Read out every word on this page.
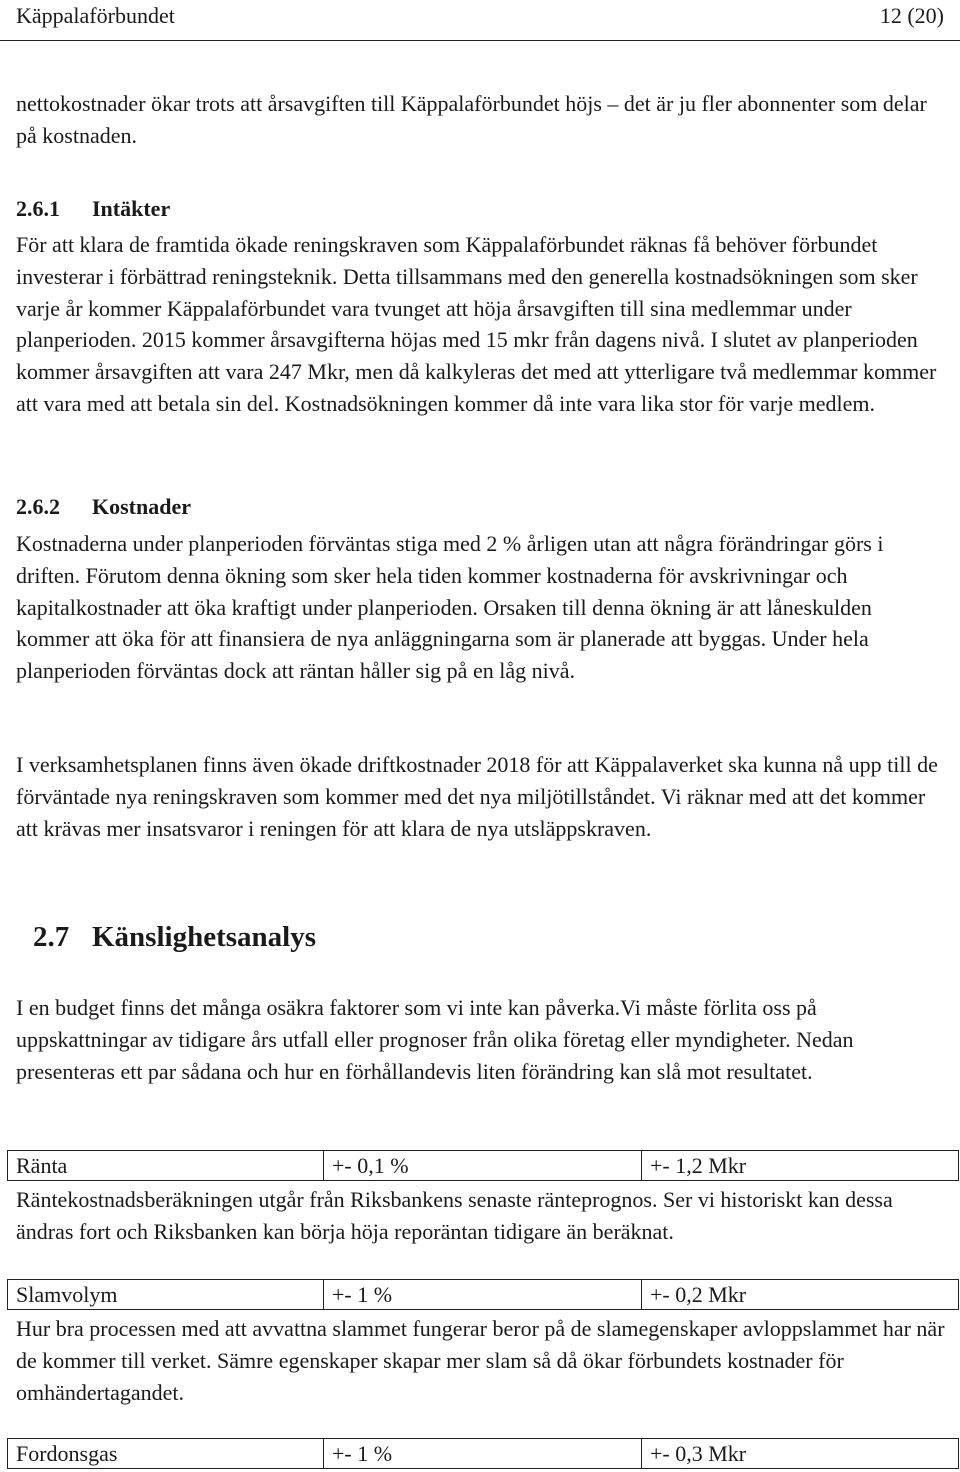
Käppalaförbundet	12 (20)

nettokostnader ökar trots att årsavgiften till Käppalaförbundet höjs – det är ju fler abonnenter som delar på kostnaden.

2.6.1 Intäkter

För att klara de framtida ökade reningskraven som Käppalaförbundet räknas få behöver förbundet investerar i förbättrad reningsteknik. Detta tillsammans med den generella kostnadsökningen som sker varje år kommer Käppalaförbundet vara tvunget att höja årsavgiften till sina medlemmar under planperioden. 2015 kommer årsavgifterna höjas med 15 mkr från dagens nivå. I slutet av planperioden kommer årsavgiften att vara 247 Mkr, men då kalkyleras det med att ytterligare två medlemmar kommer att vara med att betala sin del. Kostnadsökningen kommer då inte vara lika stor för varje medlem.

2.6.2 Kostnader

Kostnaderna under planperioden förväntas stiga med 2 % årligen utan att några förändringar görs i driften. Förutom denna ökning som sker hela tiden kommer kostnaderna för avskrivningar och kapitalkostnader att öka kraftigt under planperioden. Orsaken till denna ökning är att låneskulden kommer att öka för att finansiera de nya anläggningarna som är planerade att byggas. Under hela planperioden förväntas dock att räntan håller sig på en låg nivå.

I verksamhetsplanen finns även ökade driftkostnader 2018 för att Käppalaverket ska kunna nå upp till de förväntade nya reningskraven som kommer med det nya miljötillståndet. Vi räknar med att det kommer att krävas mer insatsvaror i reningen för att klara de nya utsläppskraven.

2.7 Känslighetsanalys

I en budget finns det många osäkra faktorer som vi inte kan påverka.Vi måste förlita oss på uppskattningar av tidigare års utfall eller prognoser från olika företag eller myndigheter. Nedan presenteras ett par sådana och hur en förhållandevis liten förändring kan slå mot resultatet.

Ränta	+- 0,1 %	+- 1,2 Mkr

Räntekostnadsberäkningen utgår från Riksbankens senaste ränteprognos. Ser vi historiskt kan dessa ändras fort och Riksbanken kan börja höja reporäntan tidigare än beräknat.

Slamvolym	+- 1 %	+- 0,2 Mkr

Hur bra processen med att avvattna slammet fungerar beror på de slamegenskaper avloppslammet har när de kommer till verket. Sämre egenskaper skapar mer slam så då ökar förbundets kostnader för omhändertagandet.

Fordonsgas	+- 1 %	+- 0,3 Mkr
